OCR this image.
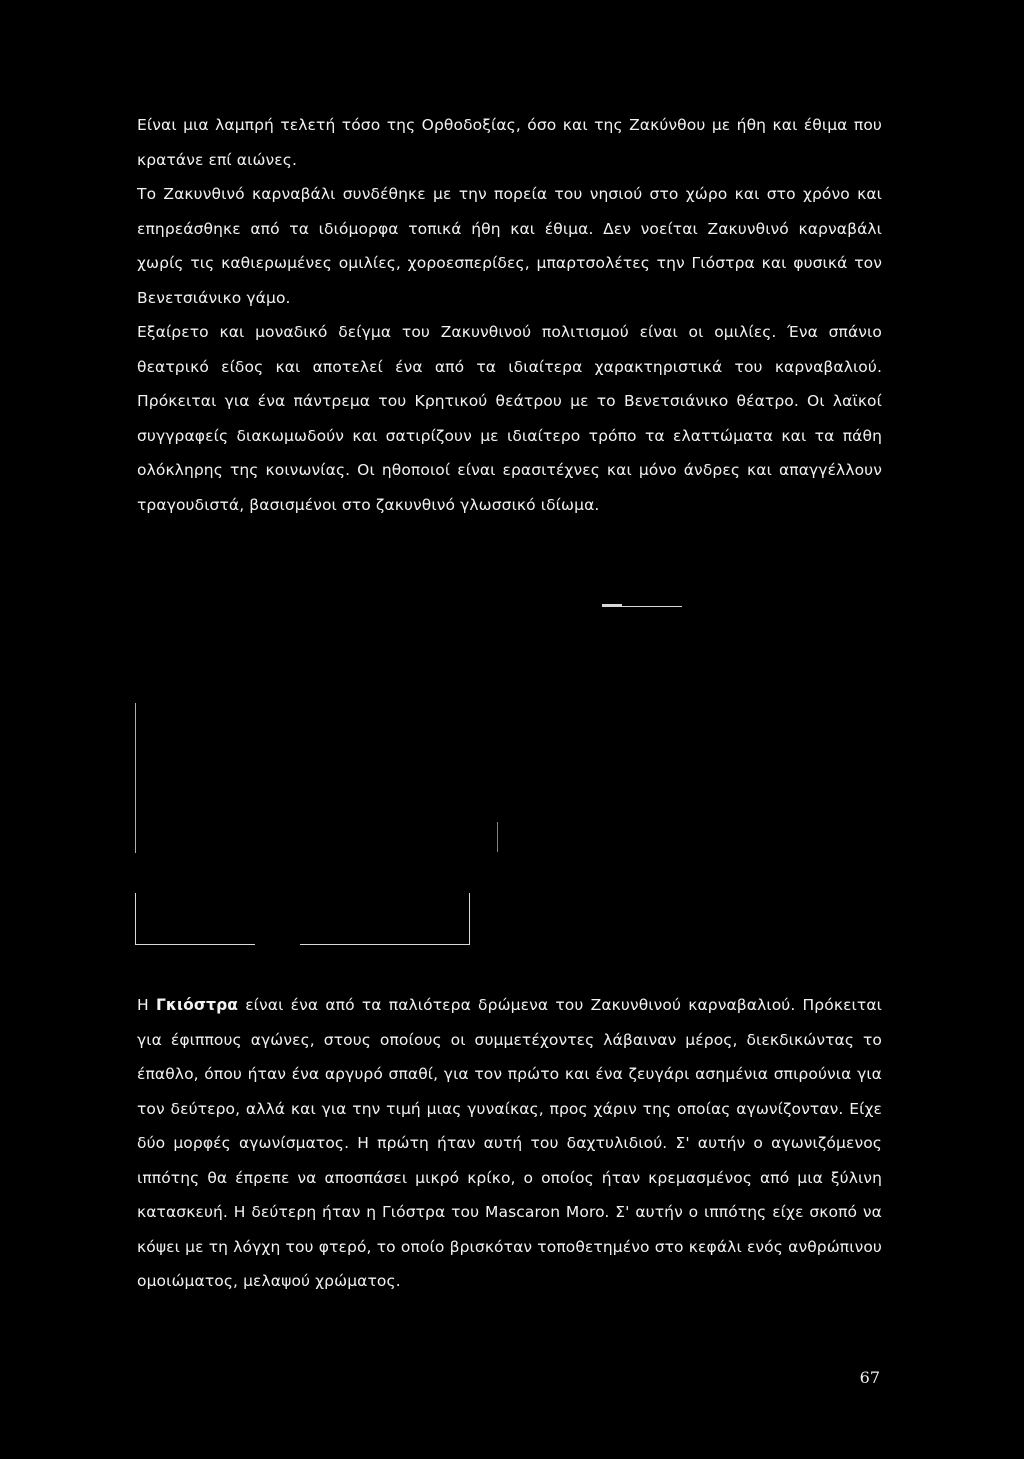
Είναι μια λαμπρή τελετή τόσο της Ορθοδοξίας, όσο και της Ζακύνθου με ήθη και έθιμα που κρατάνε επί αιώνες.

Το Ζακυνθινό καρναβάλι συνδέθηκε με την πορεία του νησιού στο χώρο και στο χρόνο και επηρεάσθηκε από τα ιδιόμορφα τοπικά ήθη και έθιμα. Δεν νοείται Ζακυνθινό καρναβάλι χωρίς τις καθιερωμένες ομιλίες, χοροεσπερίδες, μπαρτσολέτες την Γιόστρα και φυσικά τον Βενετσιάνικο γάμο.

Εξαίρετο και μοναδικό δείγμα του Ζακυνθινού πολιτισμού είναι οι ομιλίες. Ένα σπάνιο θεατρικό είδος και αποτελεί ένα από τα ιδιαίτερα χαρακτηριστικά του καρναβαλιού. Πρόκειται για ένα πάντρεμα του Κρητικού θεάτρου με το Βενετσιάνικο θέατρο. Οι λαϊκοί συγγραφείς διακωμωδούν και σατιρίζουν με ιδιαίτερο τρόπο τα ελαττώματα και τα πάθη ολόκληρης της κοινωνίας. Οι ηθοποιοί είναι ερασιτέχνες και μόνο άνδρες και απαγγέλλουν τραγουδιστά, βασισμένοι στο ζακυνθινό γλωσσικό ιδίωμα.

Η Γκιόστρα είναι ένα από τα παλιότερα δρώμενα του Ζακυνθινού καρναβαλιού. Πρόκειται για έφιππους αγώνες, στους οποίους οι συμμετέχοντες λάβαιναν μέρος, διεκδικώντας το έπαθλο, όπου ήταν ένα αργυρό σπαθί, για τον πρώτο και ένα ζευγάρι ασημένια σπιρούνια για τον δεύτερο, αλλά και για την τιμή μιας γυναίκας, προς χάριν της οποίας αγωνίζονταν. Είχε δύο μορφές αγωνίσματος. Η πρώτη ήταν αυτή του δαχτυλιδιού. Σ' αυτήν ο αγωνιζόμενος ιππότης θα έπρεπε να αποσπάσει μικρό κρίκο, ο οποίος ήταν κρεμασμένος από μια ξύλινη κατασκευή. Η δεύτερη ήταν η Γιόστρα του Mascaron Moro. Σ' αυτήν ο ιππότης είχε σκοπό να κόψει με τη λόγχη του φτερό, το οποίο βρισκόταν τοποθετημένο στο κεφάλι ενός ανθρώπινου ομοιώματος, μελαψού χρώματος.

67
